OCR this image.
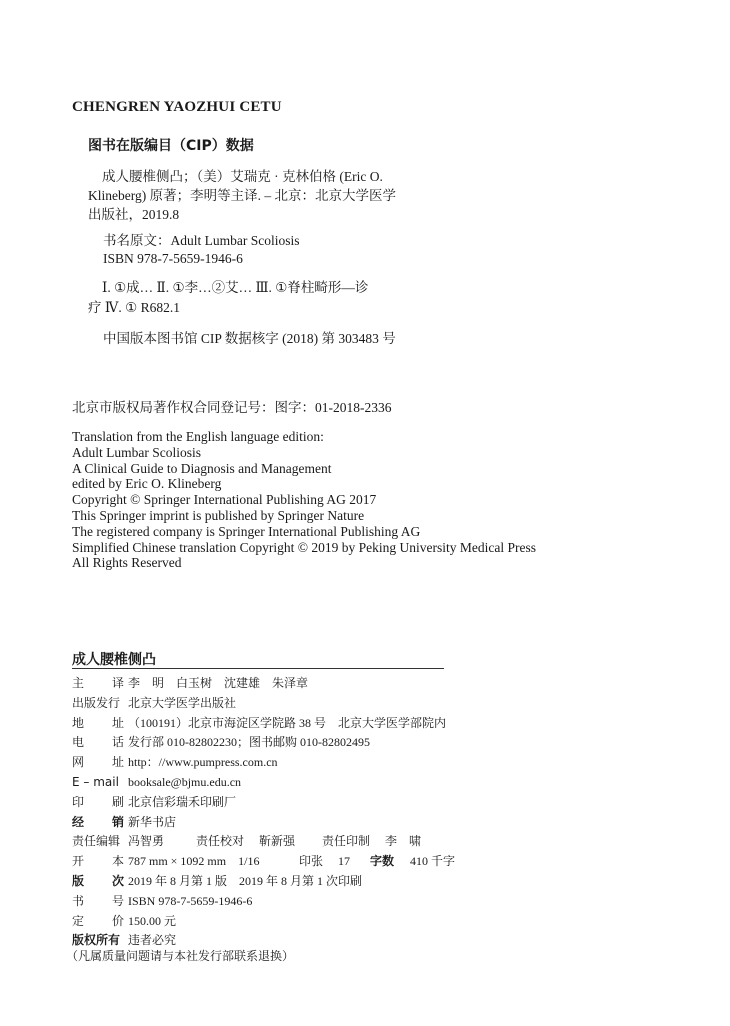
CHENGREN YAOZHUI CETU
图书在版编目（CIP）数据
成人腰椎侧凸；（美）艾瑞克 · 克林伯格 (Eric O.
Klineberg) 原著；李明等主译. – 北京：北京大学医学
出版社，2019.8
书名原文：Adult Lumbar Scoliosis
ISBN 978-7-5659-1946-6
Ⅰ. ①成… Ⅱ. ①李…②艾… Ⅲ. ①脊柱畸形—诊
疗 Ⅳ. ① R682.1
中国版本图书馆 CIP 数据核字 (2018) 第 303483 号
北京市版权局著作权合同登记号：图字：01-2018-2336
Translation from the English language edition:
Adult Lumbar Scoliosis
A Clinical Guide to Diagnosis and Management
edited by Eric O. Klineberg
Copyright © Springer International Publishing AG 2017
This Springer imprint is published by Springer Nature
The registered company is Springer International Publishing AG
Simplified Chinese translation Copyright © 2019 by Peking University Medical Press
All Rights Reserved
成人腰椎侧凸
主 译 李　明　白玉树　沈建雄　朱泽章
出版发行 北京大学医学出版社
地 址 （100191）北京市海淀区学院路 38 号　北京大学医学部院内
电 话 发行部 010-82802230；图书邮购 010-82802495
网 址 http：//www.pumpress.com.cn
E – mail booksale@bjmu.edu.cn
印 刷 北京信彩瑞禾印刷厂
经 销 新华书店
责任编辑 冯智勇	责任校对 靳新强 责任印制 李　啸
开 本 787 mm × 1092 mm　1/16	印张 17 字数 410 千字
版 次 2019 年 8 月第 1 版　2019 年 8 月第 1 次印刷
书 号 ISBN 978-7-5659-1946-6
定 价 150.00 元
版权所有 违者必究
（凡属质量问题请与本社发行部联系退换）
